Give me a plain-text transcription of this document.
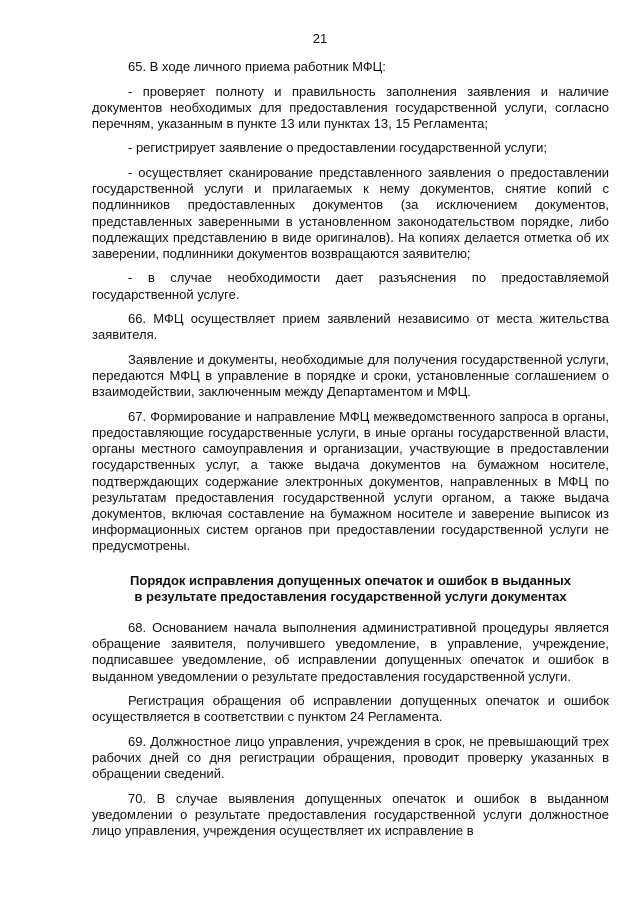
21

65. В ходе личного приема работник МФЦ:

- проверяет полноту и правильность заполнения заявления и наличие документов необходимых для предоставления государственной услуги, согласно перечням, указанным в пункте 13 или пунктах 13, 15 Регламента;

- регистрирует заявление о предоставлении государственной услуги;

- осуществляет сканирование представленного заявления о предоставлении государственной услуги и прилагаемых к нему документов, снятие копий с подлинников предоставленных документов (за исключением документов, представленных заверенными в установленном законодательством порядке, либо подлежащих представлению в виде оригиналов). На копиях делается отметка об их заверении, подлинники документов возвращаются заявителю;

- в случае необходимости дает разъяснения по предоставляемой государственной услуге.

66. МФЦ осуществляет прием заявлений независимо от места жительства заявителя.

Заявление и документы, необходимые для получения государственной услуги, передаются МФЦ в управление в порядке и сроки, установленные соглашением о взаимодействии, заключенным между Департаментом и МФЦ.

67. Формирование и направление МФЦ межведомственного запроса в органы, предоставляющие государственные услуги, в иные органы государственной власти, органы местного самоуправления и организации, участвующие в предоставлении государственных услуг, а также выдача документов на бумажном носителе, подтверждающих содержание электронных документов, направленных в МФЦ по результатам предоставления государственной услуги органом, а также выдача документов, включая составление на бумажном носителе и заверение выписок из информационных систем органов при предоставлении государственной услуги не предусмотрены.

Порядок исправления допущенных опечаток и ошибок в выданных
в результате предоставления государственной услуги документах

68. Основанием начала выполнения административной процедуры является обращение заявителя, получившего уведомление, в управление, учреждение, подписавшее уведомление, об исправлении допущенных опечаток и ошибок в выданном уведомлении о результате предоставления государственной услуги.

Регистрация обращения об исправлении допущенных опечаток и ошибок осуществляется в соответствии с пунктом 24 Регламента.

69. Должностное лицо управления, учреждения в срок, не превышающий трех рабочих дней со дня регистрации обращения, проводит проверку указанных в обращении сведений.

70. В случае выявления допущенных опечаток и ошибок в выданном уведомлении о результате предоставления государственной услуги должностное лицо управления, учреждения осуществляет их исправление в
